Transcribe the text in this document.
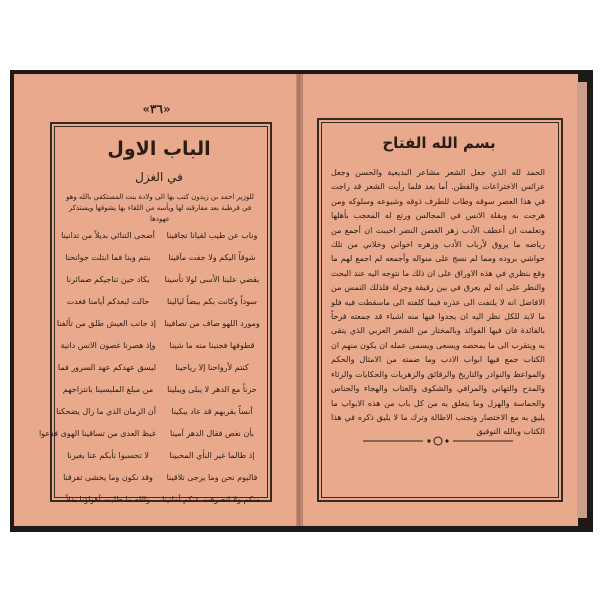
«٣٦»
الباب الاول
في الغزل
للوزير احمد بن زيدون كتب بها الى ولادة بنت المستكفي بالله وهو في قرطبة بعد مفارقته لها ويأسه من اللقاء بها يشوقها ويستذكر عهودها
أضحى التنائي بديلاً من تدانينا	وناب عن طيب لقيانا تجافينا
بنتم وبنا فما ابتلت جوانحنا	شوقاً اليكم ولا جفت مآقينا
يكاد حين تناجيكم ضمائرنا	يقضي علينا الأسى لولا تأسينا
حالت لبعدكم أيامنا فغدت	سوداً وكانت بكم بيضاً ليالينا
إذ جانب العيش طلق من تألفنا ومورد اللهو صاف من تصافينا
وإذ هصرنا غصون الانس دانية	قطوفها فجنينا منه ما شينا
ليسق عهدكم عهد السرور فما	كنتم لأرواحنا إلا رياحينا
من مبلغ الملبسينا بانتزاحهم	حزناً مع الدهر لا يبلى ويبلينا
أن الزمان الذي ما زال يضحكنا	أنساً بقربهم قد عاد يبكينا
غيظ العدى من تساقينا الهوى فدعوا	بأن نغص فقال الدهر آمينا
لا تحسبوا نأيكم عنا يغيرنا	إذ طالما غير النأي المحبينا
وقد نكون وما يخشى تفرقنا	فاليوم نحن وما يرجى تلاقينا
والله ما طلبت أهواؤنا بدلاً	منكم ولا انصرفت عنكم أمانينا
بسم الله الفتاح
الحمد لله الذي جعل الشعر مشاعر البديعية والحسن وجعل عرائس الاختراعات والفطن. أما بعد فلما رأيت الشعر قد راجت في هذا العصر سوقه وطاب للطرف ذوقه وشيوعه وسلوكه ومن هرجت به وبقلة الانس في المجالس ورتع له المعجب بأهلها وتعلمت ان أعطف الأدب زهر الغصن النضر احببت ان أجمع من رياضه ما يروق لأرباب الأدب وزهره اخواني وخلاني من تلك حواشي بروده ومما لم نسج على منواله وأجمعه لم اجمع لهم ما وقع بنظري في هذه الاوراق على ان ذلك ما نتوجه اليه عند البحث والنظر على انه لم يعرق في بين رقيقة وجزلة فلذلك التمس من الافاضل انه لا يلتفت الى عذره فيما كلفته الى ماسقطت فيه فلو ما لابد للكل نظر اليه ان يجدوا فيها منه اشياء قد جمعته فرحاً بالفائدة فان فيها الفوائد وبالمختار من الشعر العربي الذي يتقى به ويتقرب الى ما يمحصه ويسعى ويسمى عمله ان يكون منهم ان الكتاب جمع فيها ابواب الادب وما ضمته من الامثال والحكم والمواعظ والنوادر والتاريخ والرقائق والزهريات والحكايات والرثاء والمدح والتهاني والمرافي والشكوى والعتاب والهجاء والجناس والحماسة والهزل وما يتعلق به من كل باب من هذه الابواب ما يليق به مع الاختصار وتجنب الاطالة وترك ما لا يليق ذكره في هذا الكتاب وبالله التوفيق
